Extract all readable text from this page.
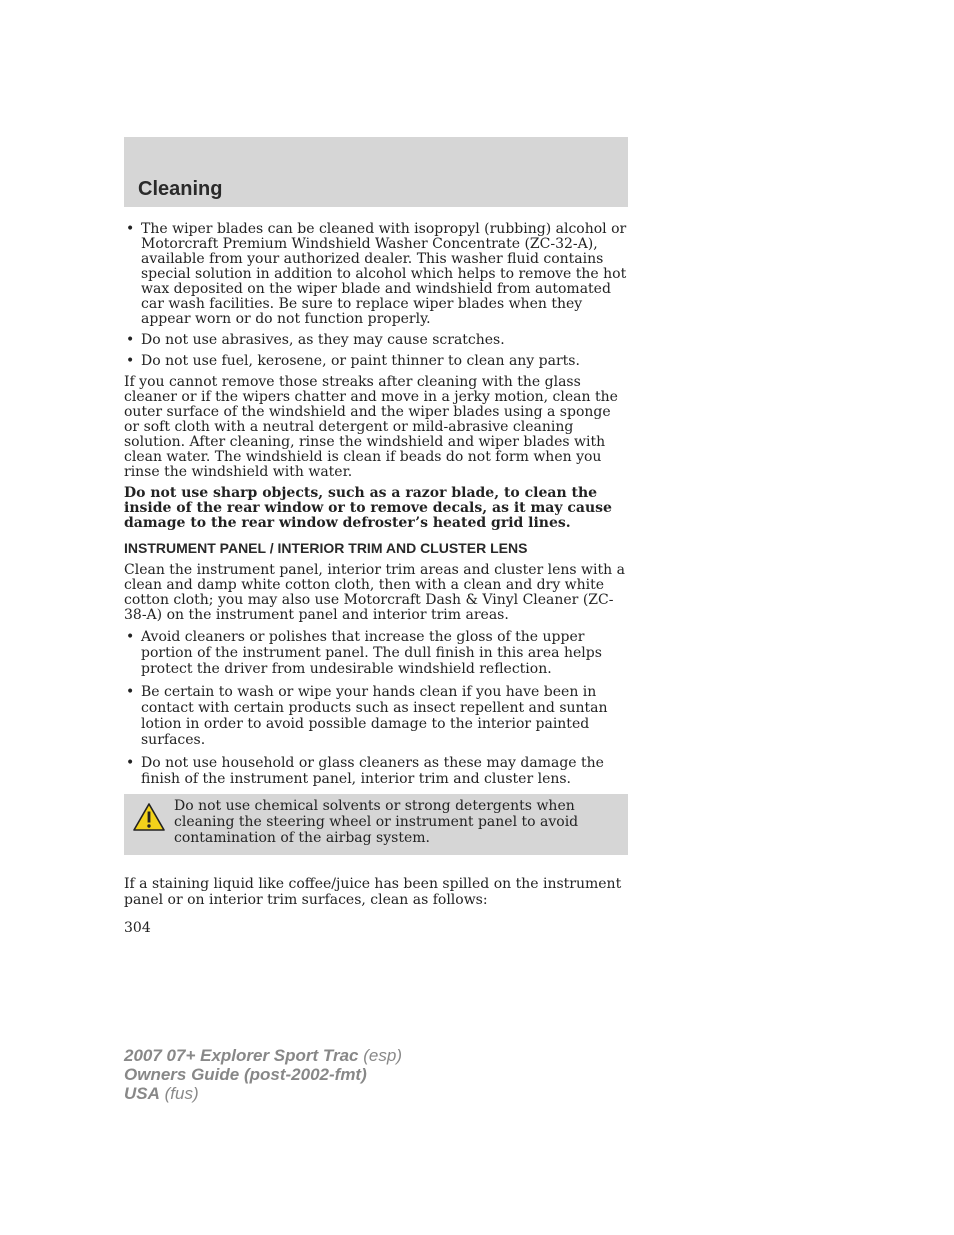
Cleaning
• The wiper blades can be cleaned with isopropyl (rubbing) alcohol or Motorcraft Premium Windshield Washer Concentrate (ZC-32-A), available from your authorized dealer. This washer fluid contains special solution in addition to alcohol which helps to remove the hot wax deposited on the wiper blade and windshield from automated car wash facilities. Be sure to replace wiper blades when they appear worn or do not function properly.
• Do not use abrasives, as they may cause scratches.
• Do not use fuel, kerosene, or paint thinner to clean any parts.

If you cannot remove those streaks after cleaning with the glass cleaner or if the wipers chatter and move in a jerky motion, clean the outer surface of the windshield and the wiper blades using a sponge or soft cloth with a neutral detergent or mild-abrasive cleaning solution. After cleaning, rinse the windshield and wiper blades with clean water. The windshield is clean if beads do not form when you rinse the windshield with water.

Do not use sharp objects, such as a razor blade, to clean the inside of the rear window or to remove decals, as it may cause damage to the rear window defroster’s heated grid lines.

INSTRUMENT PANEL / INTERIOR TRIM AND CLUSTER LENS

Clean the instrument panel, interior trim areas and cluster lens with a clean and damp white cotton cloth, then with a clean and dry white cotton cloth; you may also use Motorcraft Dash & Vinyl Cleaner (ZC-38-A) on the instrument panel and interior trim areas.

• Avoid cleaners or polishes that increase the gloss of the upper portion of the instrument panel. The dull finish in this area helps protect the driver from undesirable windshield reflection.
• Be certain to wash or wipe your hands clean if you have been in contact with certain products such as insect repellent and suntan lotion in order to avoid possible damage to the interior painted surfaces.
• Do not use household or glass cleaners as these may damage the finish of the instrument panel, interior trim and cluster lens.
Do not use chemical solvents or strong detergents when cleaning the steering wheel or instrument panel to avoid contamination of the airbag system.

If a staining liquid like coffee/juice has been spilled on the instrument panel or on interior trim surfaces, clean as follows:

304
2007 07+ Explorer Sport Trac (esp)
Owners Guide (post-2002-fmt)
USA (fus)
